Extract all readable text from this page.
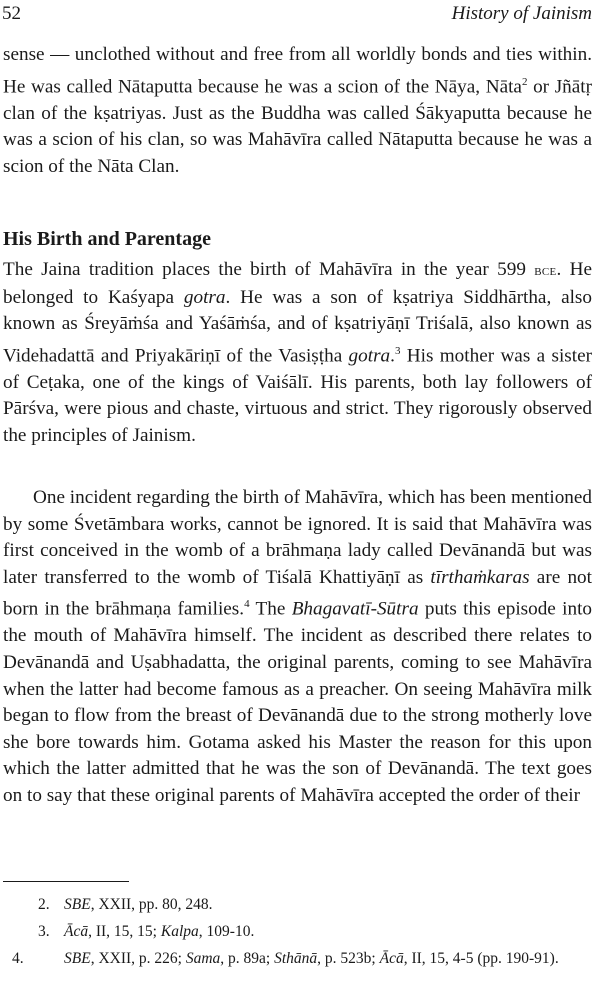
52	History of Jainism
sense — unclothed without and free from all worldly bonds and ties within. He was called Nātaputta because he was a scion of the Nāya, Nāta$^2$ or Jñātṛ clan of the kṣatriyas. Just as the Buddha was called Śākyaputta because he was a scion of his clan, so was Mahāvīra called Nātaputta because he was a scion of the Nāta Clan.
His Birth and Parentage
The Jaina tradition places the birth of Mahāvīra in the year 599 bce. He belonged to Kaśyapa gotra. He was a son of kṣatriya Siddhārtha, also known as Śreyāṁśa and Yaśāṁśa, and of kṣatriyāṇī Triśalā, also known as Videhadattā and Priyakāriṇī of the Vasiṣṭha gotra.$^3$ His mother was a sister of Ceṭaka, one of the kings of Vaiśālī. His parents, both lay followers of Pārśva, were pious and chaste, virtuous and strict. They rigorously observed the principles of Jainism.
One incident regarding the birth of Mahāvīra, which has been mentioned by some Śvetāmbara works, cannot be ignored. It is said that Mahāvīra was first conceived in the womb of a brāhmaṇa lady called Devānandā but was later transferred to the womb of Tiśalā Khattiyāṇī as tīrthaṁkaras are not born in the brāhmaṇa families.$^4$ The Bhagavatī-Sūtra puts this episode into the mouth of Mahāvīra himself. The incident as described there relates to Devānandā and Uṣabhadatta, the original parents, coming to see Mahāvīra when the latter had become famous as a preacher. On seeing Mahāvīra milk began to flow from the breast of Devānandā due to the strong motherly love she bore towards him. Gotama asked his Master the reason for this upon which the latter admitted that he was the son of Devānandā. The text goes on to say that these original parents of Mahāvīra accepted the order of their
2. SBE, XXII, pp. 80, 248.
3. Ācā, II, 15, 15; Kalpa, 109-10.
4.	SBE, XXII, p. 226; Sama, p. 89a; Sthānā, p. 523b; Ācā, II, 15, 4-5 (pp. 190-91).
